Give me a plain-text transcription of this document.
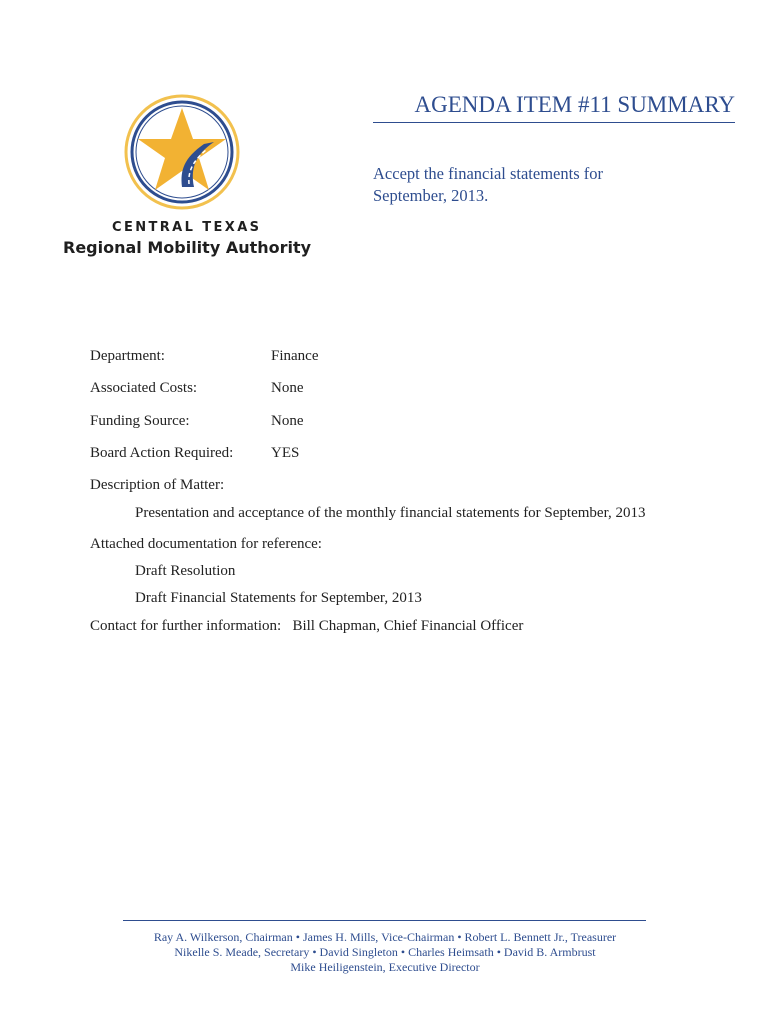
CENTRAL TEXAS
Regional Mobility Authority
AGENDA ITEM #11 SUMMARY
Accept the financial statements for
September, 2013.
Department:	Finance
Associated Costs:	None
Funding Source:	None
Board Action Required:	YES
Description of Matter:
Presentation and acceptance of the monthly financial statements for September, 2013
Attached documentation for reference:
Draft Resolution
Draft Financial Statements for September, 2013
Contact for further information: Bill Chapman, Chief Financial Officer
Ray A. Wilkerson, Chairman • James H. Mills, Vice-Chairman • Robert L. Bennett Jr., Treasurer
Nikelle S. Meade, Secretary • David Singleton • Charles Heimsath • David B. Armbrust
Mike Heiligenstein, Executive Director
